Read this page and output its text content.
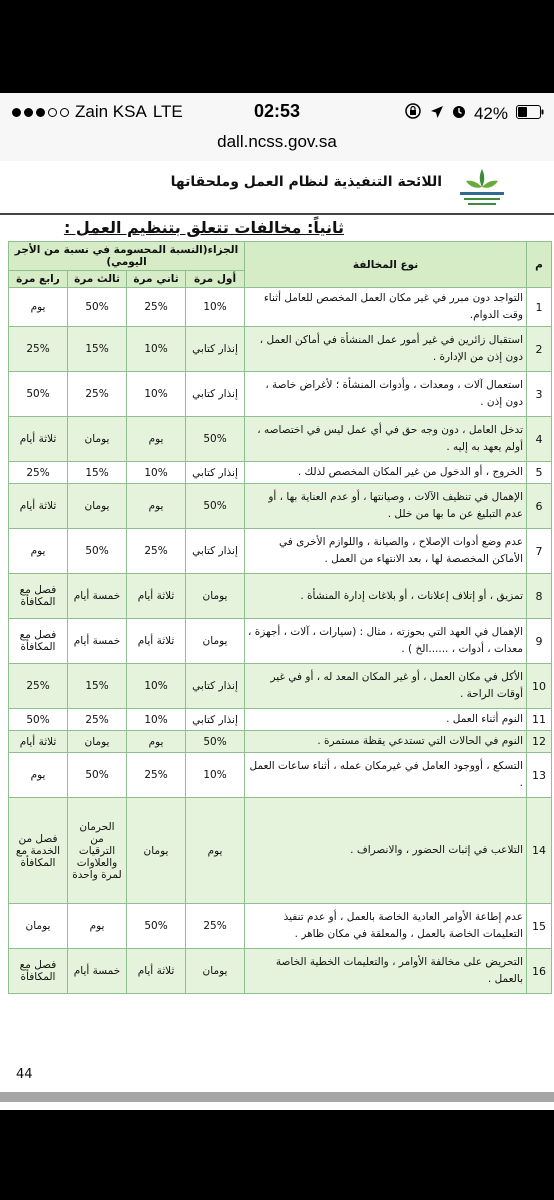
Zain KSA LTE	02:53	42%
dall.ncss.gov.sa
اللائحة التنفيذية لنظام العمل وملحقاتها
ثانياً: مخالفات تتعلق بتنظيم العمل :
م	نوع المخالفة	الجزاء(النسبة المحسومة في نسبة من الأجر اليومي)			
		أول مرة	ثاني مرة	ثالث مرة	رابع مرة
1	التواجد دون مبرر في غير مكان العمل المخصص للعامل أثناء وقت الدوام.	10%	25%	50%	يوم
2	استقبال زائرين في غير أمور عمل المنشأة في أماكن العمل ، دون إذن من الإدارة .	إنذار كتابي	10%	15%	25%
3	استعمال آلات ، ومعدات ، وأدوات المنشأة ؛ لأغراض خاصة ، دون إذن .	إنذار كتابي	10%	25%	50%
4	تدخل العامل ، دون وجه حق في أي عمل ليس في اختصاصه ، أولم يعهد به إليه .	50%	يوم	يومان	ثلاثة أيام
5	الخروج ، أو الدخول من غير المكان المخصص لذلك .	إنذار كتابي	10%	15%	25%
6	الإهمال في تنظيف الآلات ، وصيانتها ، أو عدم العناية بها ، أو عدم التبليغ عن ما بها من خلل .	50%	يوم	يومان	ثلاثة أيام
7	عدم وضع أدوات الإصلاح ، والصيانة ، واللوازم الأخرى في الأماكن المخصصة لها ، بعد الانتهاء من العمل .	إنذار كتابي	25%	50%	يوم
8	تمزيق ، أو إتلاف إعلانات ، أو بلاغات إدارة المنشأة .	يومان	ثلاثة أيام	خمسة أيام	فصل مع المكافأة
9	الإهمال في العهد التي بحوزته ، مثال : (سيارات ، آلات ، أجهزة ، معدات ، أدوات ، ......الخ ) .	يومان	ثلاثة أيام	خمسة أيام	فصل مع المكافأة
10	الأكل في مكان العمل ، أو غير المكان المعد له ، أو في غير أوقات الراحة .	إنذار كتابي	10%	15%	25%
11	النوم أثناء العمل .	إنذار كتابي	10%	25%	50%
12	النوم في الحالات التي تستدعي يقظة مستمرة .	50%	يوم	يومان	ثلاثة أيام
13	التسكع ، أووجود العامل في غيرمكان عمله ، أثناء ساعات العمل .	10%	25%	50%	يوم
14	التلاعب في إثبات الحضور ، والانصراف .	يوم	يومان	الحرمان من الترقيات والعلاوات لمرة واحدة	فصل من الخدمة مع المكافأة
15	عدم إطاعة الأوامر العادية الخاصة بالعمل ، أو عدم تنفيذ التعليمات الخاصة بالعمل ، والمعلقة في مكان ظاهر .	25%	50%	يوم	يومان
16	التحريض على مخالفة الأوامر ، والتعليمات الخطية الخاصة بالعمل .	يومان	ثلاثة أيام	خمسة أيام	فصل مع المكافأة
44
